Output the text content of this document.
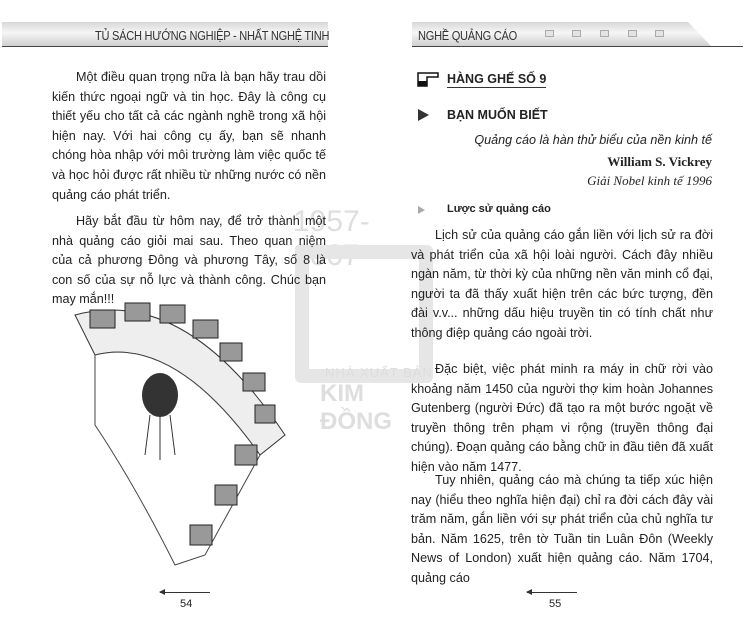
TỦ SÁCH HƯỚNG NGHIỆP - NHẤT NGHỆ TINH	NGHỀ QUẢNG CÁO
1957-2007
NHÀ XUẤT BẢN
KIM ĐỒNG

Một điều quan trọng nữa là bạn hãy trau dồi kiến thức ngoại ngữ và tin học. Đây là công cụ thiết yếu cho tất cả các ngành nghề trong xã hội hiện nay. Với hai công cụ ấy, bạn sẽ nhanh chóng hòa nhập với môi trường làm việc quốc tế và học hỏi được rất nhiều từ những nước có nền quảng cáo phát triển.

Hãy bắt đầu từ hôm nay, để trở thành một nhà quảng cáo giỏi mai sau. Theo quan niệm của cả phương Đông và phương Tây, số 8 là con số của sự nỗ lực và thành công. Chúc bạn may mắn!!!

54	55
HÀNG GHẾ SỐ 9
BẠN MUỐN BIẾT
Quảng cáo là hàn thử biểu của nền kinh tế
William S. Vickrey
Giải Nobel kinh tế 1996
Lược sử quảng cáo

Lịch sử của quảng cáo gắn liền với lịch sử ra đời và phát triển của xã hội loài người. Cách đây nhiều ngàn năm, từ thời kỳ của những nền văn minh cổ đại, người ta đã thấy xuất hiện trên các bức tượng, đền đài v.v... những dấu hiệu truyền tin có tính chất như thông điệp quảng cáo ngoài trời.

Đặc biệt, việc phát minh ra máy in chữ rời vào khoảng năm 1450 của người thợ kim hoàn Johannes Gutenberg (người Đức) đã tạo ra một bước ngoặt về truyền thông trên phạm vi rộng (truyền thông đại chúng). Đoạn quảng cáo bằng chữ in đầu tiên đã xuất hiện vào năm 1477.

Tuy nhiên, quảng cáo mà chúng ta tiếp xúc hiện nay (hiểu theo nghĩa hiện đại) chỉ ra đời cách đây vài trăm năm, gắn liền với sự phát triển của chủ nghĩa tư bản. Năm 1625, trên tờ Tuần tin Luân Đôn (Weekly News of London) xuất hiện quảng cáo. Năm 1704, quảng cáo
